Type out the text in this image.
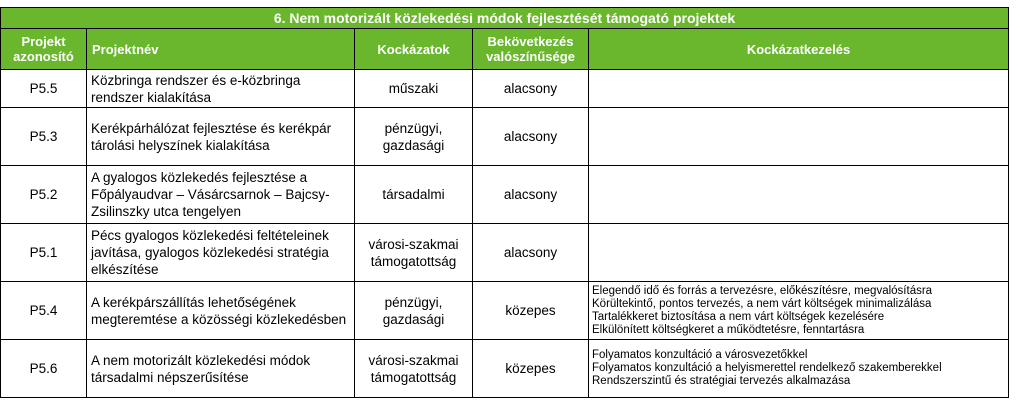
6. Nem motorizált közlekedési módok fejlesztését támogató projektek				
Projekt azonosító	Projektnév	Kockázatok	Bekövetkezés valószínűsége	Kockázatkezelés
P5.5	Közbringa rendszer és e-közbringa rendszer kialakítása	műszaki	alacsony	
P5.3	Kerékpárhálózat fejlesztése és kerékpár tárolási helyszínek kialakítása	pénzügyi, gazdasági	alacsony	
P5.2	A gyalogos közlekedés fejlesztése a Főpályaudvar – Vásárcsarnok – Bajcsy-Zsilinszky utca tengelyen	társadalmi	alacsony	
P5.1	Pécs gyalogos közlekedési feltételeinek javítása, gyalogos közlekedési stratégia elkészítése	városi-szakmai támogatottság	alacsony	
P5.4	A kerékpárszállítás lehetőségének megteremtése a közösségi közlekedésben	pénzügyi, gazdasági	közepes	Elegendő idő és forrás a tervezésre, előkészítésre, megvalósításra
Körültekintő, pontos tervezés, a nem várt költségek minimalizálása
Tartalékkeret biztosítása a nem várt költségek kezelésére
Elkülönített költségkeret a működtetésre, fenntartásra

P5.6	A nem motorizált közlekedési módok társadalmi népszerűsítése	városi-szakmai támogatottság	közepes	Folyamatos konzultáció a városvezetőkkel
Folyamatos konzultáció a helyismerettel rendelkező szakemberekkel
Rendszerszintű és stratégiai tervezés alkalmazása
